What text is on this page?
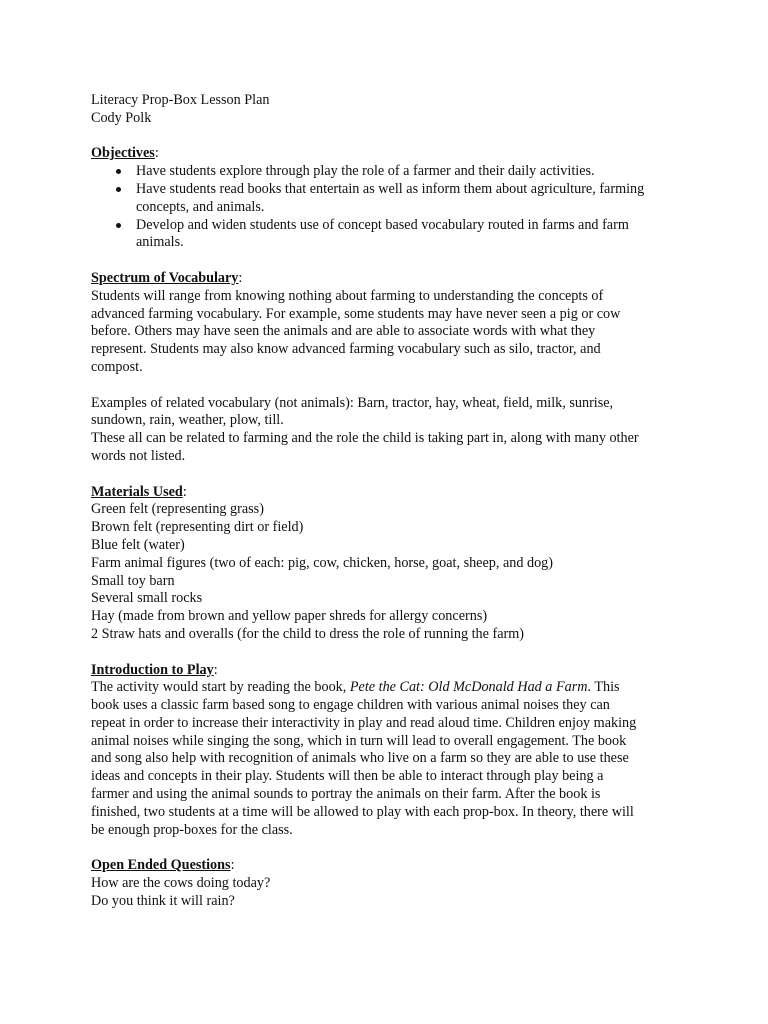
Literacy Prop-Box Lesson Plan
Cody Polk
Objectives:
Have students explore through play the role of a farmer and their daily activities.
Have students read books that entertain as well as inform them about agriculture, farming
concepts, and animals.
Develop and widen students use of concept based vocabulary routed in farms and farm
animals.
Spectrum of Vocabulary:
Students will range from knowing nothing about farming to understanding the concepts of
advanced farming vocabulary. For example, some students may have never seen a pig or cow
before. Others may have seen the animals and are able to associate words with what they
represent. Students may also know advanced farming vocabulary such as silo, tractor, and
compost.
Examples of related vocabulary (not animals): Barn, tractor, hay, wheat, field, milk, sunrise,
sundown, rain, weather, plow, till.
These all can be related to farming and the role the child is taking part in, along with many other
words not listed.
Materials Used:
Green felt (representing grass)
Brown felt (representing dirt or field)
Blue felt (water)
Farm animal figures (two of each: pig, cow, chicken, horse, goat, sheep, and dog)
Small toy barn
Several small rocks
Hay (made from brown and yellow paper shreds for allergy concerns)
2 Straw hats and overalls (for the child to dress the role of running the farm)
Introduction to Play:
The activity would start by reading the book, Pete the Cat: Old McDonald Had a Farm. This
book uses a classic farm based song to engage children with various animal noises they can
repeat in order to increase their interactivity in play and read aloud time. Children enjoy making
animal noises while singing the song, which in turn will lead to overall engagement. The book
and song also help with recognition of animals who live on a farm so they are able to use these
ideas and concepts in their play. Students will then be able to interact through play being a
farmer and using the animal sounds to portray the animals on their farm. After the book is
finished, two students at a time will be allowed to play with each prop-box. In theory, there will
be enough prop-boxes for the class.
Open Ended Questions:
How are the cows doing today?
Do you think it will rain?
